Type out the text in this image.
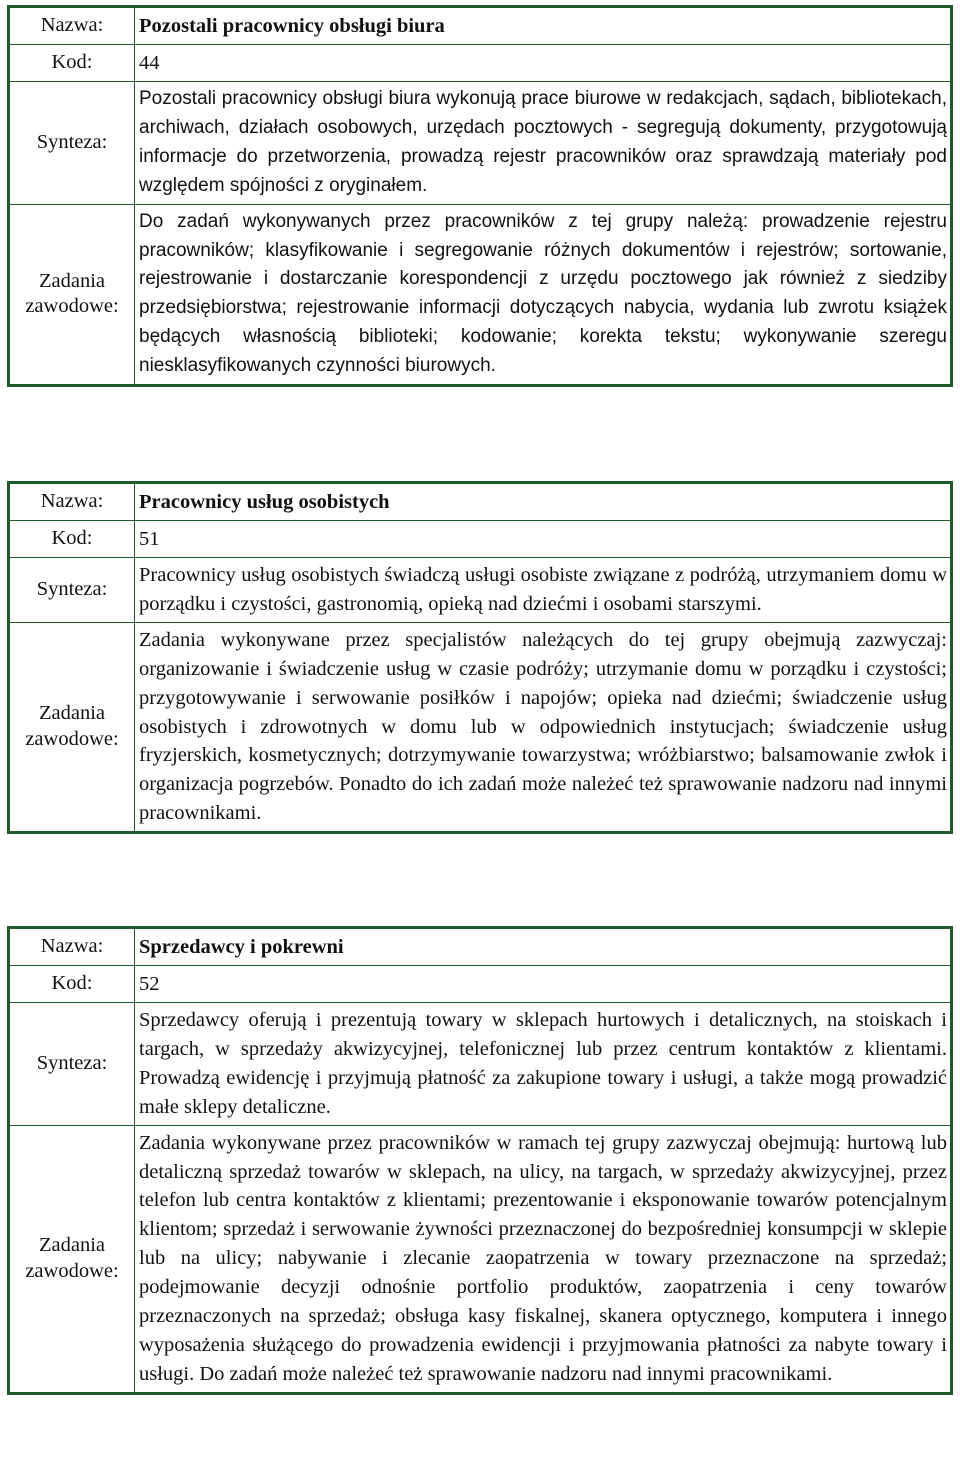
Nazwa:	Pozostali pracownicy obsługi biura
Kod:	44
Synteza:
Pozostali pracownicy obsługi biura wykonują prace biurowe w redakcjach, sądach, bibliotekach, archiwach, działach osobowych, urzędach pocztowych - segregują dokumenty, przygotowują informacje do przetworzenia, prowadzą rejestr pracowników oraz sprawdzają materiały pod względem spójności z oryginałem.
Zadania
zawodowe:
Do zadań wykonywanych przez pracowników z tej grupy należą: prowadzenie rejestru pracowników; klasyfikowanie i segregowanie różnych dokumentów i rejestrów; sortowanie, rejestrowanie i dostarczanie korespondencji z urzędu pocztowego jak również z siedziby przedsiębiorstwa; rejestrowanie informacji dotyczących nabycia, wydania lub zwrotu książek będących własnością biblioteki; kodowanie; korekta tekstu; wykonywanie szeregu niesklasyfikowanych czynności biurowych.
Nazwa:	Pracownicy usług osobistych
Kod:	51
Synteza:
Pracownicy usług osobistych świadczą usługi osobiste związane z podróżą, utrzymaniem domu w porządku i czystości, gastronomią, opieką nad dziećmi i osobami starszymi.
Zadania
zawodowe:
Zadania wykonywane przez specjalistów należących do tej grupy obejmują zazwyczaj: organizowanie i świadczenie usług w czasie podróży; utrzymanie domu w porządku i czystości; przygotowywanie i serwowanie posiłków i napojów; opieka nad dziećmi; świadczenie usług osobistych i zdrowotnych w domu lub w odpowiednich instytucjach; świadczenie usług fryzjerskich, kosmetycznych; dotrzymywanie towarzystwa; wróżbiarstwo; balsamowanie zwłok i organizacja pogrzebów. Ponadto do ich zadań może należeć też sprawowanie nadzoru nad innymi pracownikami.
Nazwa:	Sprzedawcy i pokrewni
Kod:	52
Synteza:
Sprzedawcy oferują i prezentują towary w sklepach hurtowych i detalicznych, na stoiskach i targach, w sprzedaży akwizycyjnej, telefonicznej lub przez centrum kontaktów z klientami. Prowadzą ewidencję i przyjmują płatność za zakupione towary i usługi, a także mogą prowadzić małe sklepy detaliczne.
Zadania
zawodowe:
Zadania wykonywane przez pracowników w ramach tej grupy zazwyczaj obejmują: hurtową lub detaliczną sprzedaż towarów w sklepach, na ulicy, na targach, w sprzedaży akwizycyjnej, przez telefon lub centra kontaktów z klientami; prezentowanie i eksponowanie towarów potencjalnym klientom; sprzedaż i serwowanie żywności przeznaczonej do bezpośredniej konsumpcji w sklepie lub na ulicy; nabywanie i zlecanie zaopatrzenia w towary przeznaczone na sprzedaż; podejmowanie decyzji odnośnie portfolio produktów, zaopatrzenia i ceny towarów przeznaczonych na sprzedaż; obsługa kasy fiskalnej, skanera optycznego, komputera i innego wyposażenia służącego do prowadzenia ewidencji i przyjmowania płatności za nabyte towary i usługi. Do zadań może należeć też sprawowanie nadzoru nad innymi pracownikami.
